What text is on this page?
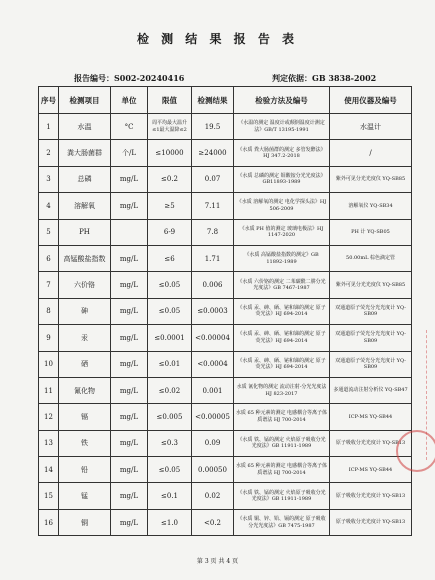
检 测 结 果 报 告 表
报告编号：S002-20240416	判定依据：GB 3838-2002
序号	检测项目	单位	限值	检测结果	检验方法及编号	使用仪器及编号
1	水温	°C	周平均最大温升≤1最大温降≤2	19.5	《水温的测定 温度计或颠倒温度计测定法》GB/T 13195-1991	水温计
2	粪大肠菌群	个/L	≤10000	≥24000	《水质 粪大肠菌群的测定 多管发酵法》HJ 347.2-2018	/
3	总磷	mg/L	≤0.2	0.07	《水质 总磷的测定 钼酸铵分光光度法》GB11893-1989	紫外可见分光光度仪 YQ-SB85
4	溶解氧	mg/L	≥5	7.11	《水质 溶解氧的测定 电化学探头法》HJ 506-2009	溶解氧仪 YQ-SB34
5	PH		6-9	7.8	《水质 PH 值的测定 玻璃电极法》HJ 1147-2020	PH 计 YQ-SB05
6	高锰酸盐指数	mg/L	≤6	1.71	《水质 高锰酸盐指数的测定》GB 11892-1989	50.00mL 棕色滴定管
7	六价铬	mg/L	≤0.05	0.006	《水质 六价铬的测定 二苯碳酰二肼分光光度法》GB 7467-1987	紫外可见分光光度仪 YQ-SB85
8	砷	mg/L	≤0.05	≤0.0003	《水质 汞、砷、硒、铋和锑的测定 原子荧光法》HJ 694-2014	双通道原子荧光分光光度计 YQ-SB09
9	汞	mg/L	≤0.0001	<0.00004	《水质 汞、砷、硒、铋和锑的测定 原子荧光法》HJ 694-2014	双通道原子荧光分光光度计 YQ-SB09
10	硒	mg/L	≤0.01	<0.0004	《水质 汞、砷、硒、铋和锑的测定 原子荧光法》HJ 694-2014	双通道原子荧光分光光度计 YQ-SB09
11	氰化物	mg/L	≤0.02	0.001	水质 氰化物的测定 流动注射-分光光度法 HJ 823-2017	多通道流动注射分析仪 YQ-SB47
12	镉	mg/L	≤0.005	<0.00005	水质 65 种元素的测定 电感耦合等离子体质谱法 HJ 700-2014	ICP-MS YQ-SB44
13	铁	mg/L	≤0.3	0.09	《水质 铁、锰的测定 火焰原子吸收分光光度法》GB 11911-1989	原子吸收分光光度计 YQ-SB13
14	铅	mg/L	≤0.05	0.00050	水质 65 种元素的测定 电感耦合等离子体质谱法 HJ 700-2014	ICP-MS YQ-SB44
15	锰	mg/L	≤0.1	0.02	《水质 铁、锰的测定 火焰原子吸收分光光度法》GB 11911-1989	原子吸收分光光度计 YQ-SB13
16	铜	mg/L	≤1.0	<0.2	《水质 铜、锌、铅、镉的测定 原子吸收分光光度法》GB 7475-1987	原子吸收分光光度计 YQ-SB13
第 3 页 共 4 页
